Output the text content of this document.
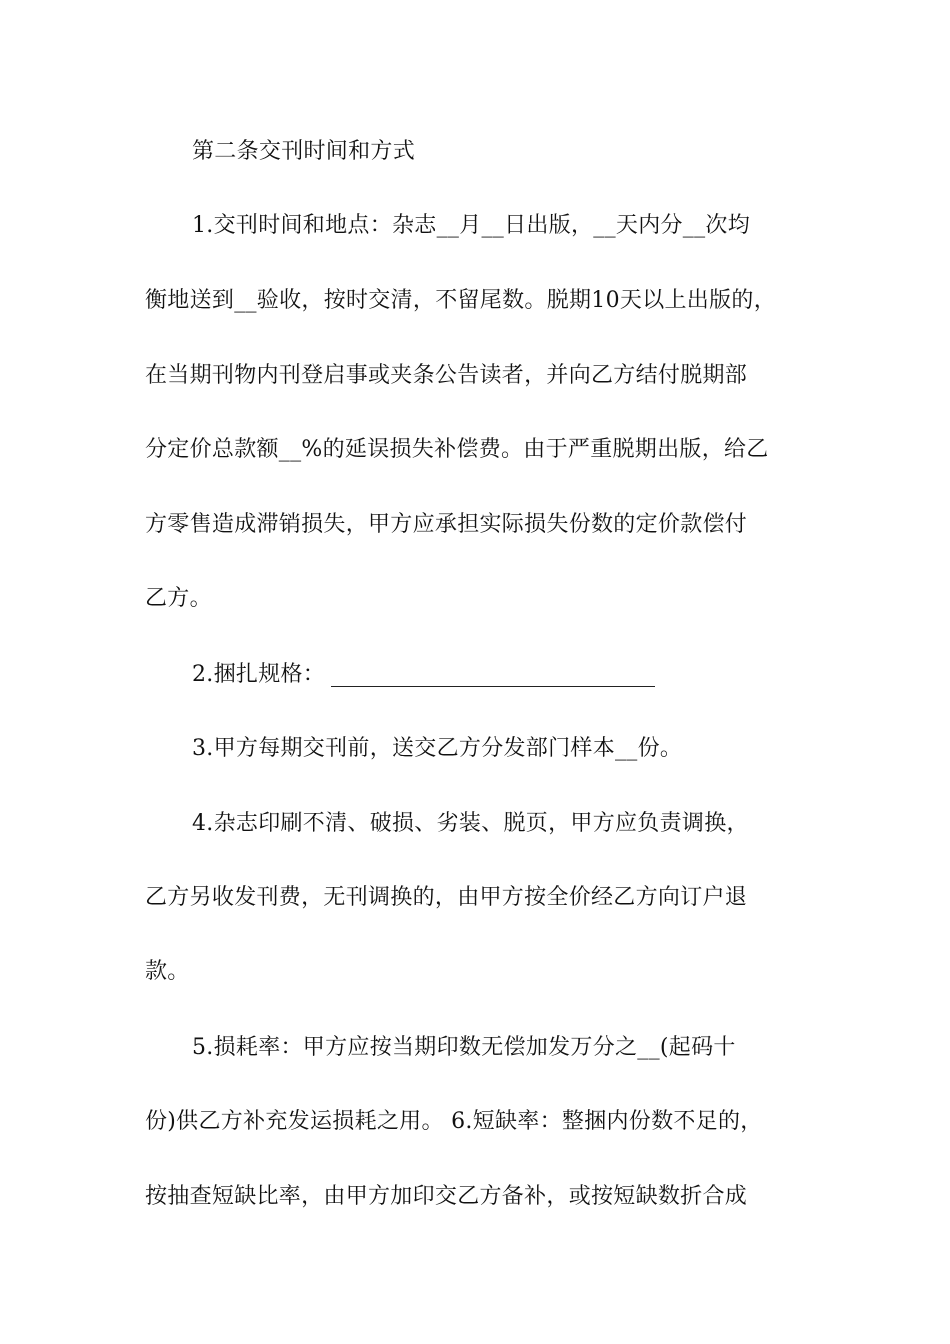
第二条交刊时间和方式
1.交刊时间和地点：杂志__月__日出版，__天内分__次均
衡地送到__验收，按时交清，不留尾数。脱期10天以上出版的，
在当期刊物内刊登启事或夹条公告读者，并向乙方结付脱期部
分定价总款额__%的延误损失补偿费。由于严重脱期出版，给乙
方零售造成滞销损失，甲方应承担实际损失份数的定价款偿付
乙方。
2.捆扎规格：
3.甲方每期交刊前，送交乙方分发部门样本__份。
4.杂志印刷不清、破损、劣装、脱页，甲方应负责调换，
乙方另收发刊费，无刊调换的，由甲方按全价经乙方向订户退
款。
5.损耗率：甲方应按当期印数无偿加发万分之__(起码十
份)供乙方补充发运损耗之用。 6.短缺率：整捆内份数不足的，
按抽查短缺比率，由甲方加印交乙方备补，或按短缺数折合成
